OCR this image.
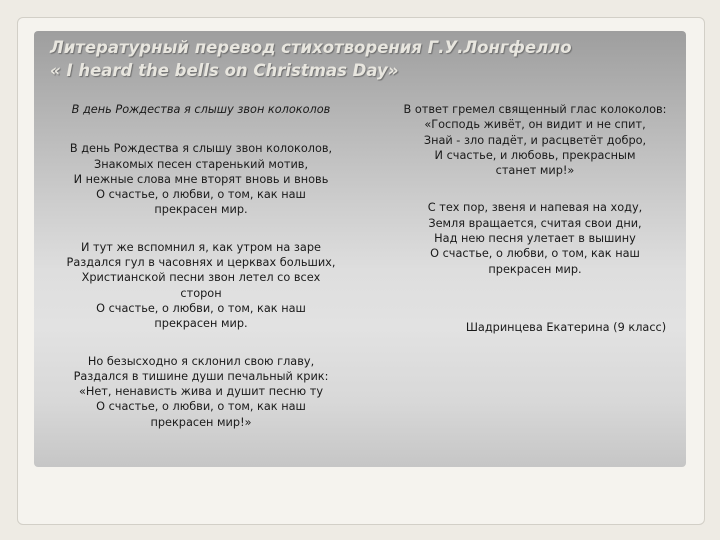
Литературный перевод стихотворения Г.У.Лонгфелло
« I heard the bells on Christmas Day»
В день Рождества я слышу звон колоколов
В день Рождества я слышу звон колоколов,
Знакомых песен старенький мотив,
И нежные слова мне вторят вновь и вновь
О счастье, о любви, о том, как наш прекрасен мир.
И тут же вспомнил я, как утром на заре
Раздался гул в часовнях и церквах больших,
Христианской песни звон летел со всех сторон
О счастье, о любви, о том, как наш прекрасен мир.
Но безысходно я склонил свою главу,
Раздался в тишине души печальный крик:
«Нет, ненависть жива и душит песню ту
О счастье, о любви, о том, как наш прекрасен мир!»
В ответ гремел священный глас колоколов:
«Господь живёт, он видит и не спит,
Знай - зло падёт, и расцветёт добро,
И счастье, и любовь, прекрасным станет мир!»
С тех пор, звеня и напевая на ходу,
Земля вращается, считая свои дни,
Над нею песня улетает в вышину
О счастье, о любви, о том, как наш прекрасен мир.
Шадринцева Екатерина (9 класс)
